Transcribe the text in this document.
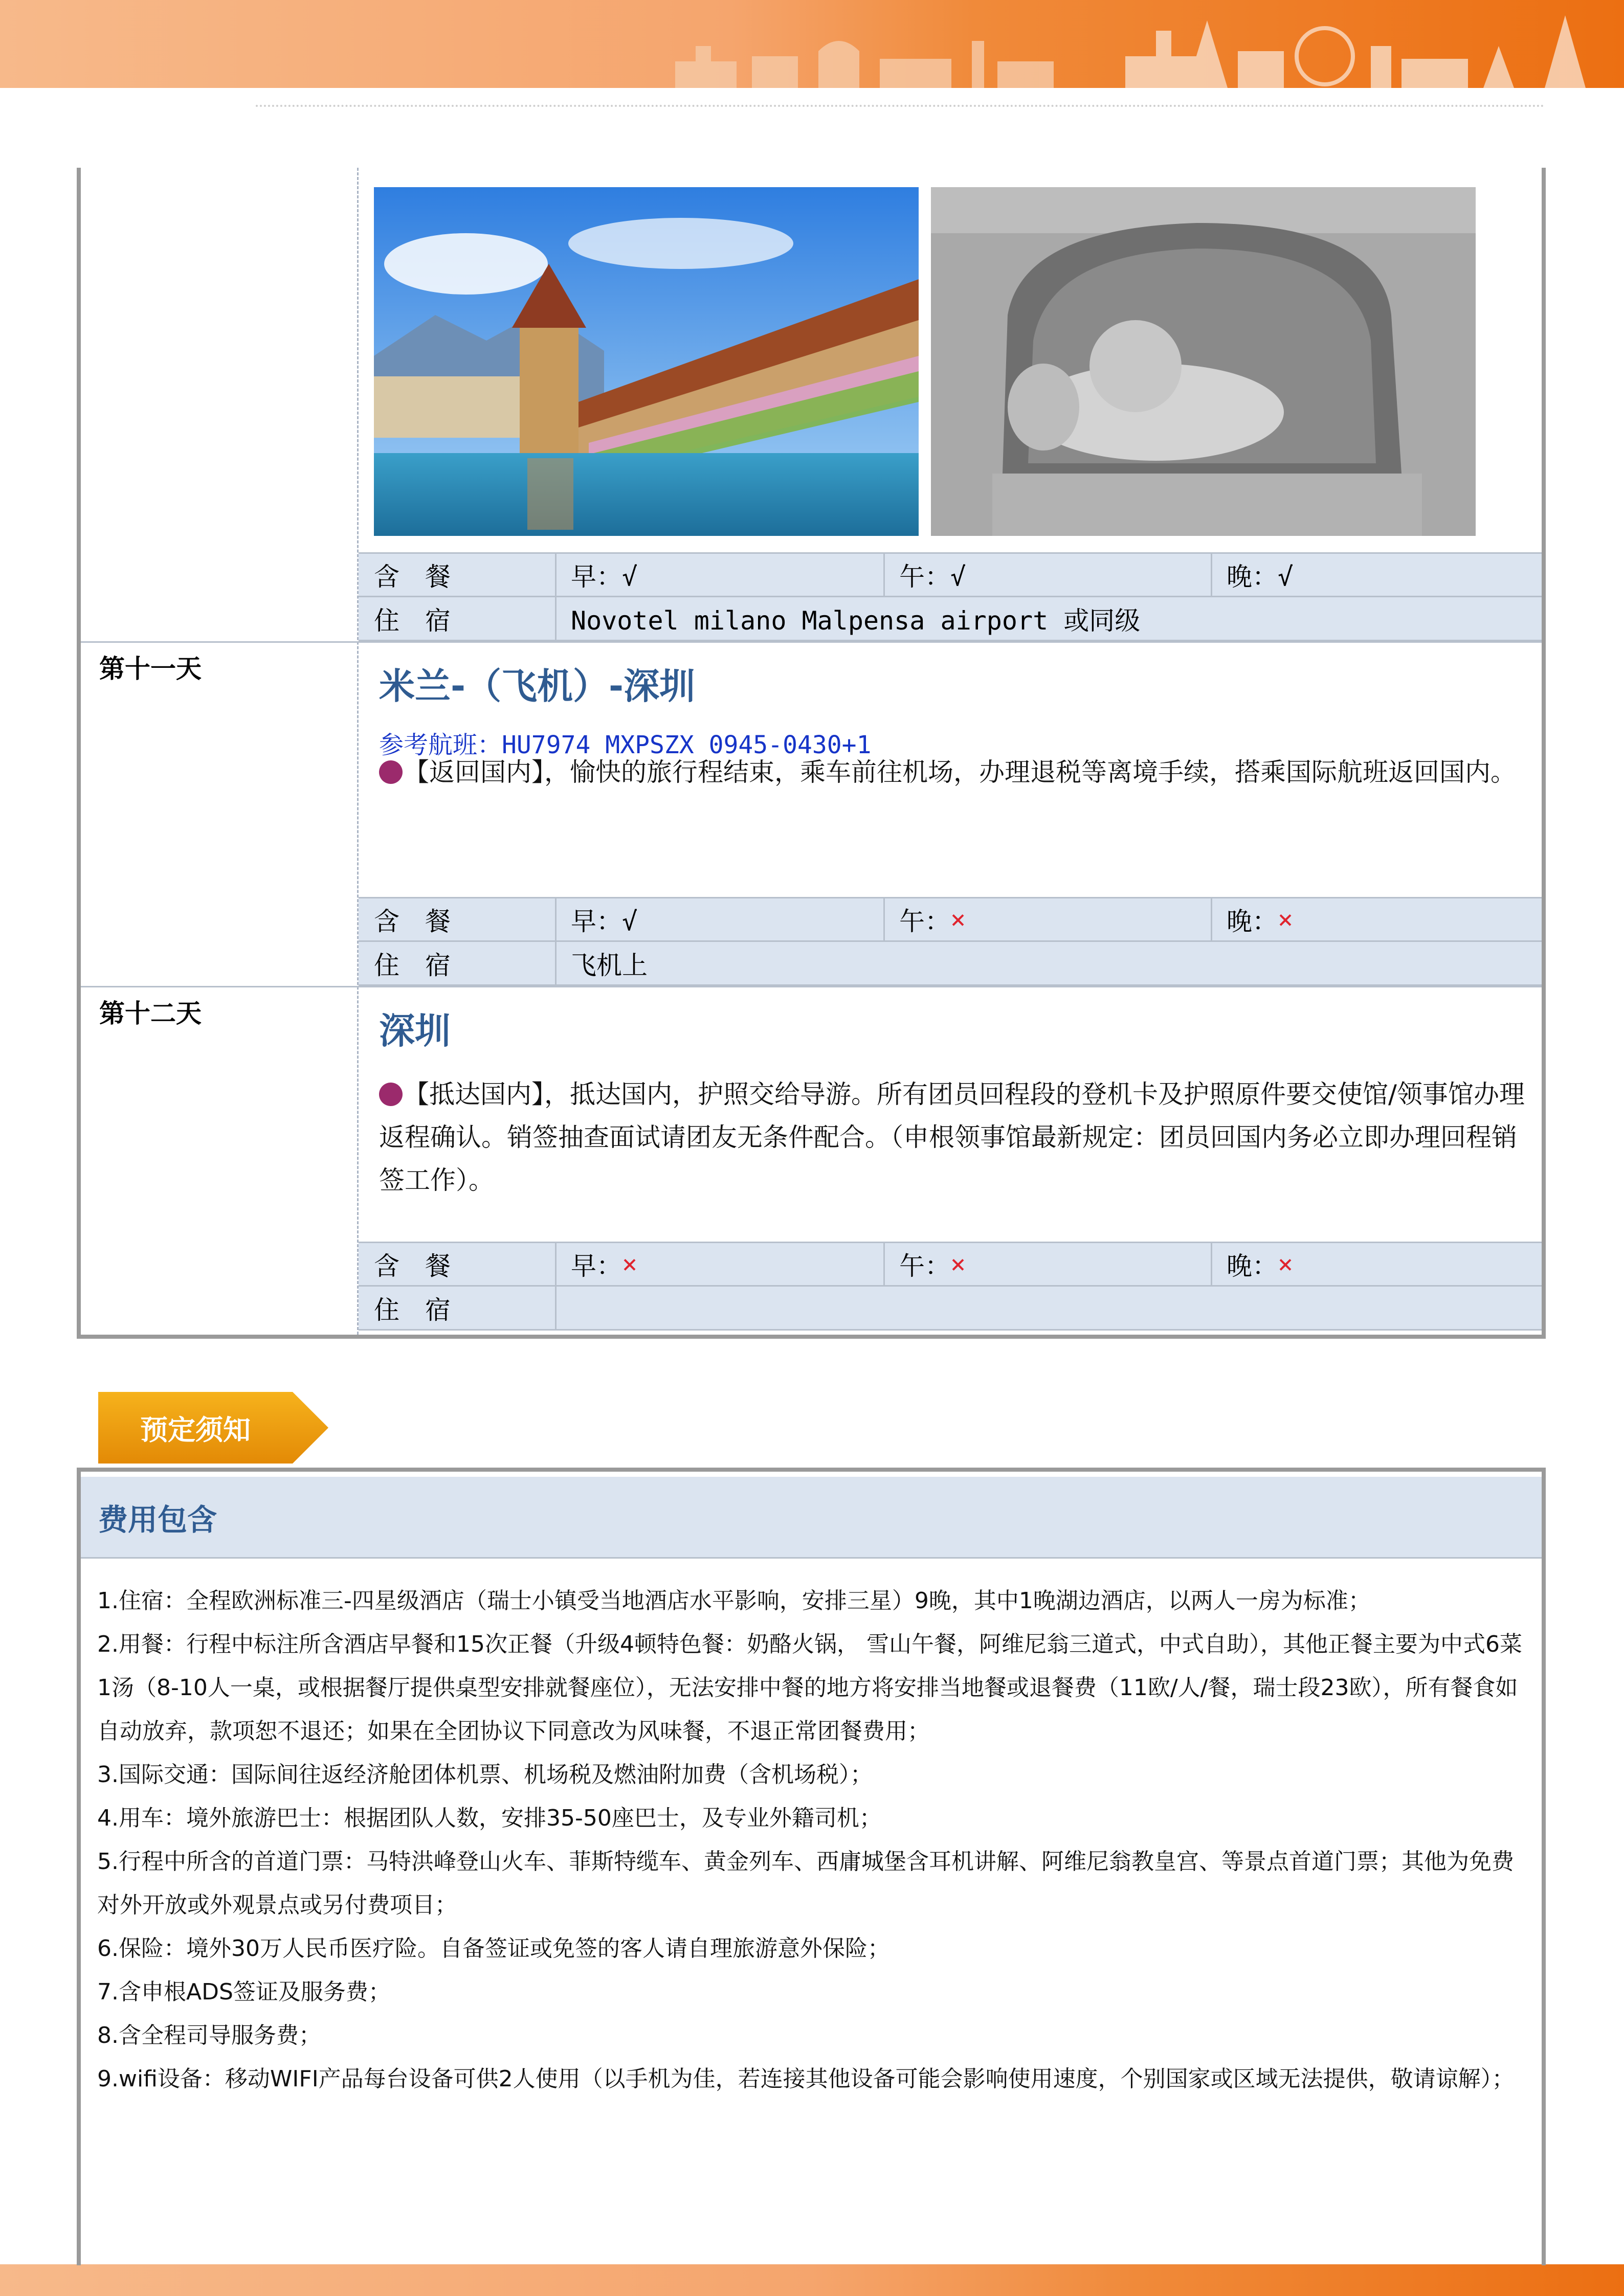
含　餐	早：√	午：√	晚：√
住　宿	Novotel milano Malpensa airport 或同级
第十一天	米兰-（飞机）-深圳
参考航班：HU7974 MXPSZX 0945-0430+1
【返回国内】，愉快的旅行程结束，乘车前往机场，办理退税等离境手续，搭乘国际航班返回国内。
含　餐	早：√	午： ×	晚： ×
住　宿	飞机上
第十二天	深圳
【抵达国内】，抵达国内，护照交给导游。所有团员回程段的登机卡及护照原件要交使馆/领事馆办理返程确认。销签抽查面试请团友无条件配合。（申根领事馆最新规定：团员回国内务必立即办理回程销签工作）。
含　餐	早： ×	午： ×	晚： ×
住　宿
预定须知
费用包含
1.住宿：全程欧洲标准三-四星级酒店（瑞士小镇受当地酒店水平影响，安排三星）9晚，其中1晚湖边酒店，以两人一房为标准；
2.用餐：行程中标注所含酒店早餐和15次正餐（升级4顿特色餐：奶酪火锅， 雪山午餐，阿维尼翁三道式，中式自助），其他正餐主要为中式6菜1汤（8-10人一桌，或根据餐厅提供桌型安排就餐座位），无法安排中餐的地方将安排当地餐或退餐费（11欧/人/餐，瑞士段23欧），所有餐食如自动放弃，款项恕不退还；如果在全团协议下同意改为风味餐，不退正常团餐费用；
3.国际交通：国际间往返经济舱团体机票、机场税及燃油附加费（含机场税）；
4.用车：境外旅游巴士：根据团队人数，安排35-50座巴士，及专业外籍司机；
5.行程中所含的首道门票：马特洪峰登山火车、菲斯特缆车、黄金列车、西庸城堡含耳机讲解、阿维尼翁教皇宫、等景点首道门票；其他为免费对外开放或外观景点或另付费项目；
6.保险：境外30万人民币医疗险。自备签证或免签的客人请自理旅游意外保险；
7.含申根ADS签证及服务费；
8.含全程司导服务费；
9.wifi设备：移动WIFI产品每台设备可供2人使用（以手机为佳，若连接其他设备可能会影响使用速度，个别国家或区域无法提供，敬请谅解）；
